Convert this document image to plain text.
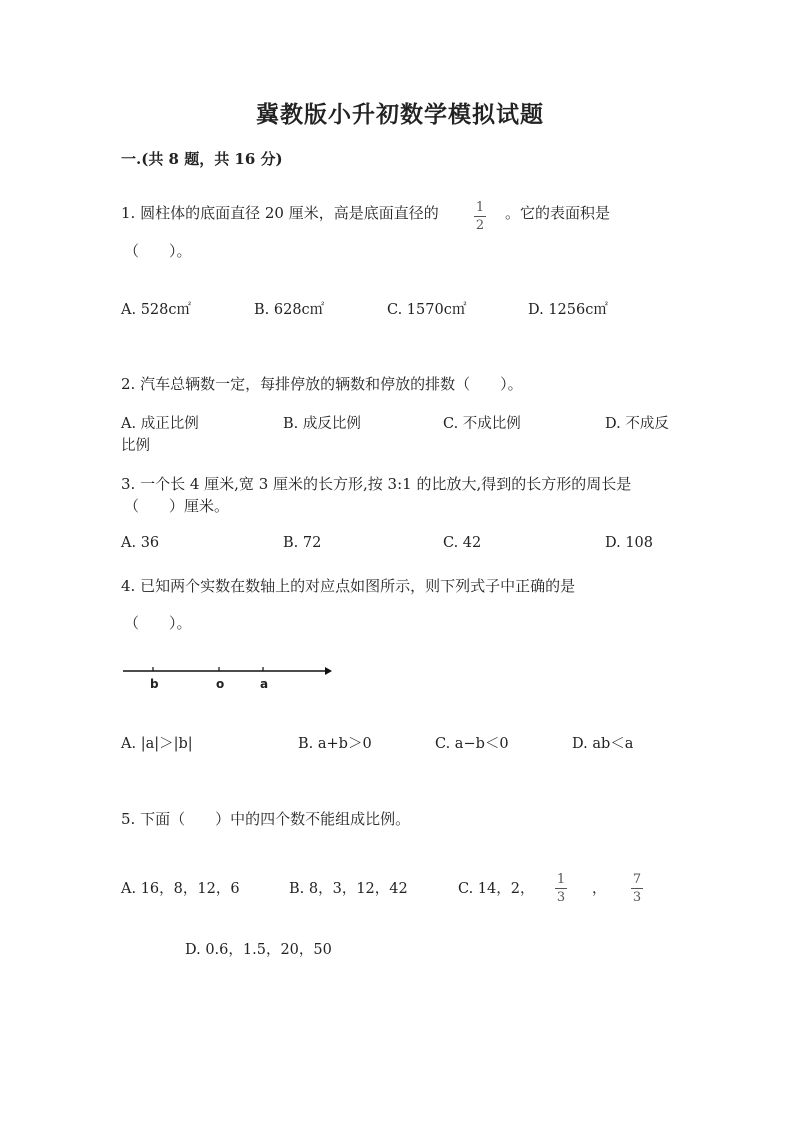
冀教版小升初数学模拟试题
一.(共 8 题，共 16 分)
1. 圆柱体的底面直径 20 厘米，高是底面直径的	1
2
。它的表面积是
（　　）。
A. 528c㎡	B. 628c㎡	C. 1570c㎡	D. 1256c㎡
2. 汽车总辆数一定，每排停放的辆数和停放的排数（　　）。
A. 成正比例	B. 成反比例	C. 不成比例	D. 不成反
比例
3. 一个长 4 厘米,宽 3 厘米的长方形,按 3:1 的比放大,得到的长方形的周长是
（　　）厘米。
A. 36	B. 72	C. 42	D. 108
4. 已知两个实数在数轴上的对应点如图所示，则下列式子中正确的是
（　　）。
b	o	a
A. |a|＞|b|	B. a+b＞0	C. a−b＜0	D. ab＜a
5. 下面（　　）中的四个数不能组成比例。
A. 16，8，12，6	B. 8，3，12，42	C. 14，2，
1
3
，
7
3
D. 0.6，1.5，20，50
